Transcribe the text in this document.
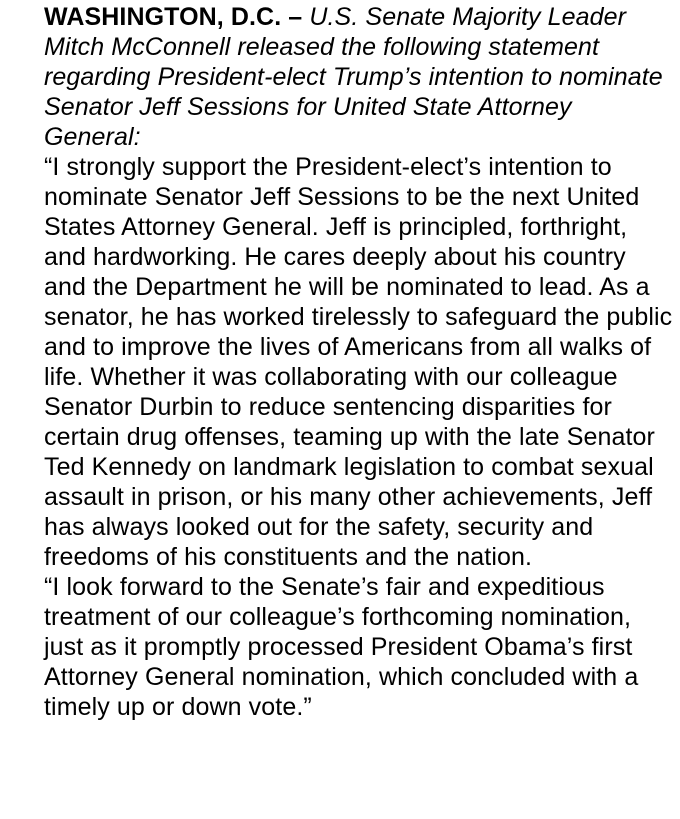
WASHINGTON, D.C. – U.S. Senate Majority Leader Mitch McConnell released the following statement regarding President-elect Trump’s intention to nominate Senator Jeff Sessions for United State Attorney General:

“I strongly support the President-elect’s intention to nominate Senator Jeff Sessions to be the next United States Attorney General. Jeff is principled, forthright, and hardworking. He cares deeply about his country and the Department he will be nominated to lead. As a senator, he has worked tirelessly to safeguard the public and to improve the lives of Americans from all walks of life. Whether it was collaborating with our colleague Senator Durbin to reduce sentencing disparities for certain drug offenses, teaming up with the late Senator Ted Kennedy on landmark legislation to combat sexual assault in prison, or his many other achievements, Jeff has always looked out for the safety, security and freedoms of his constituents and the nation.

“I look forward to the Senate’s fair and expeditious treatment of our colleague’s forthcoming nomination, just as it promptly processed President Obama’s first Attorney General nomination, which concluded with a timely up or down vote.”
